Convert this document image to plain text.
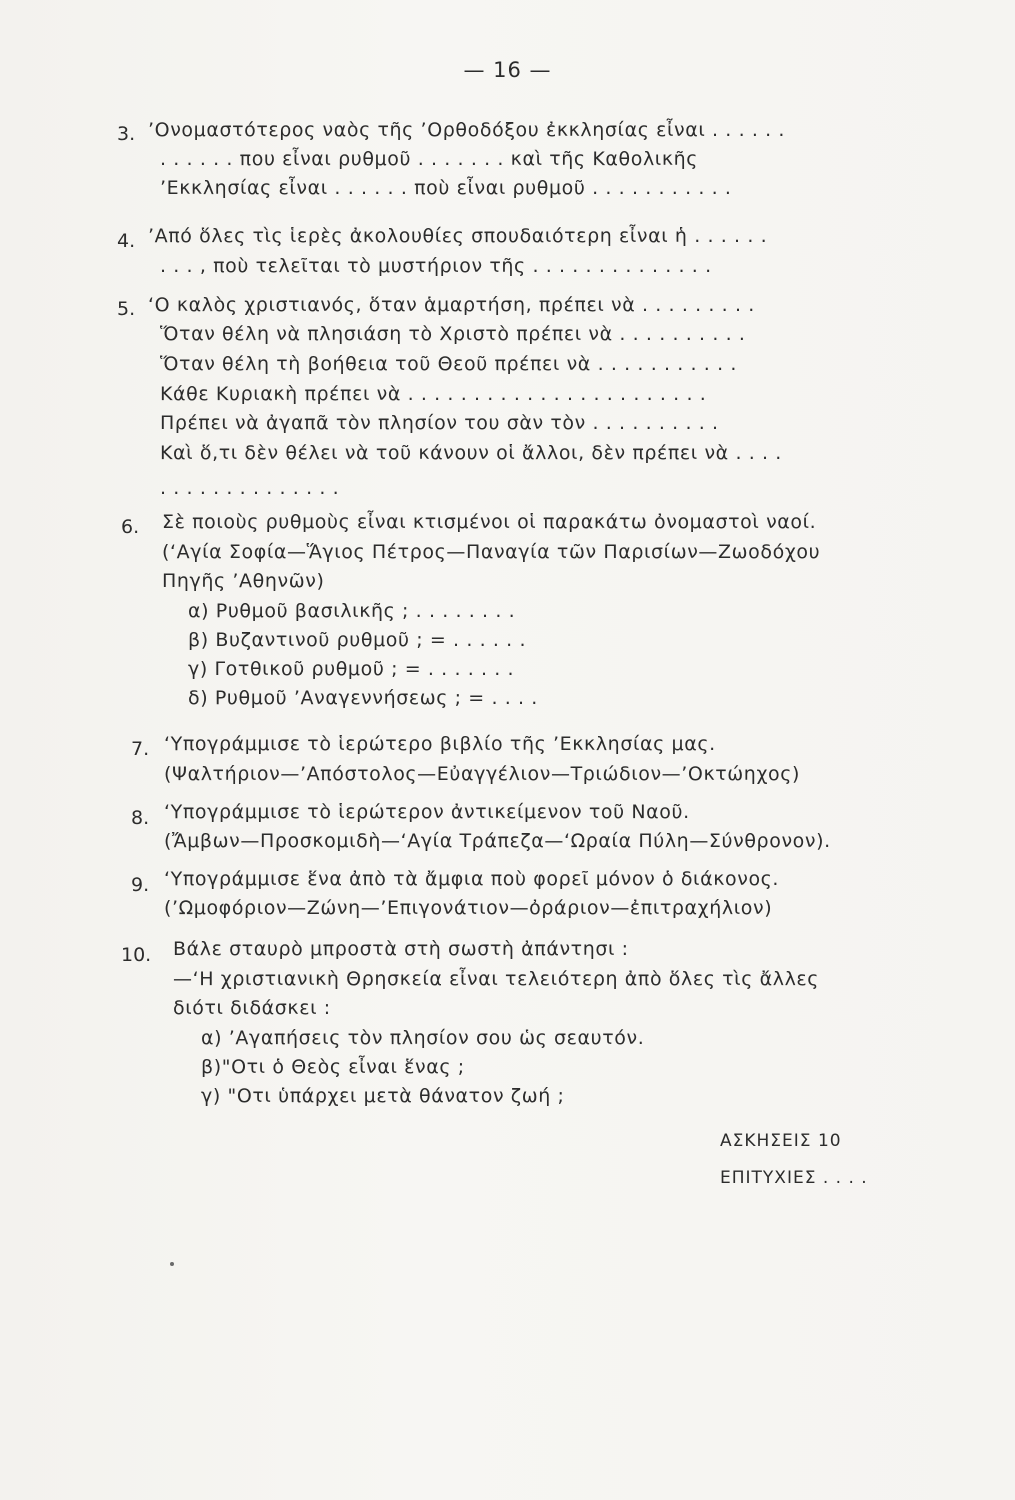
— 16 —
3. ’Ονομαστότερος ναὸς τῆς ’Ορθοδόξου ἐκκλησίας εἶναι . . . . . .
. . . . . . που εἶναι ρυθμοῦ . . . . . . . καὶ τῆς Καθολικῆς
’Εκκλησίας εἶναι . . . . . . ποὺ εἶναι ρυθμοῦ . . . . . . . . . . .
4. ’Από ὅλες τὶς ἱερὲς ἀκολουθίες σπουδαιότερη εἶναι ἡ . . . . . .
. . . , ποὺ τελεῖται τὸ μυστήριον τῆς . . . . . . . . . . . . . .
5. ‘Ο καλὸς χριστιανός, ὅταν ἁμαρτήση, πρέπει νὰ . . . . . . . . .
Ὅταν θέλη νὰ πλησιάση τὸ Χριστὸ πρέπει νὰ . . . . . . . . . .
Ὅταν θέλη τὴ βοήθεια τοῦ Θεοῦ πρέπει νὰ . . . . . . . . . . .
Κάθε Κυριακὴ πρέπει νὰ . . . . . . . . . . . . . . . . . . . . . . .
Πρέπει νὰ ἀγαπᾶ τὸν πλησίον του σὰν τὸν . . . . . . . . . .
Καὶ ὅ,τι δὲν θέλει νὰ τοῦ κάνουν οἱ ἄλλοι, δὲν πρέπει νὰ . . . .
. . . . . . . . . . . . . .
6. Σὲ ποιοὺς ρυθμοὺς εἶναι κτισμένοι οἱ παρακάτω ὀνομαστοὶ ναοί.
(‘Αγία Σοφία—Ἅγιος Πέτρος—Παναγία τῶν Παρισίων—Ζωοδόχου
Πηγῆς ’Αθηνῶν)
α) Ρυθμοῦ βασιλικῆς ; . . . . . . . .
β) Βυζαντινοῦ ρυθμοῦ ; = . . . . . .
γ) Γοτθικοῦ ρυθμοῦ ; = . . . . . . .
δ) Ρυθμοῦ ’Αναγεννήσεως ; = . . . .
7. ‘Υπογράμμισε τὸ ἱερώτερο βιβλίο τῆς ’Εκκλησίας μας.
(Ψαλτήριον—’Απόστολος—Εὐαγγέλιον—Τριώδιον—’Οκτώηχος)
8. ‘Υπογράμμισε τὸ ἱερώτερον ἀντικείμενον τοῦ Ναοῦ.
(Ἄμβων—Προσκομιδὴ—‘Αγία Τράπεζα—‘Ωραία Πύλη—Σύνθρονον).
9. ‘Υπογράμμισε ἕνα ἀπὸ τὰ ἄμφια ποὺ φορεῖ μόνον ὁ διάκονος.
(’Ωμοφόριον—Ζώνη—’Επιγονάτιον—ὀράριον—ἐπιτραχήλιον)
10. Βάλε σταυρὸ μπροστὰ στὴ σωστὴ ἀπάντησι :
—‘Η χριστιανικὴ Θρησκεία εἶναι τελειότερη ἀπὸ ὅλες τὶς ἄλλες
διότι διδάσκει :
α) ’Αγαπήσεις τὸν πλησίον σου ὡς σεαυτόν.
β)"Οτι ὁ Θεὸς εἶναι ἕνας ;
γ) "Οτι ὑπάρχει μετὰ θάνατον ζωή ;
ΑΣΚΗΣΕΙΣ 10
ΕΠΙΤΥΧΙΕΣ . . . .
